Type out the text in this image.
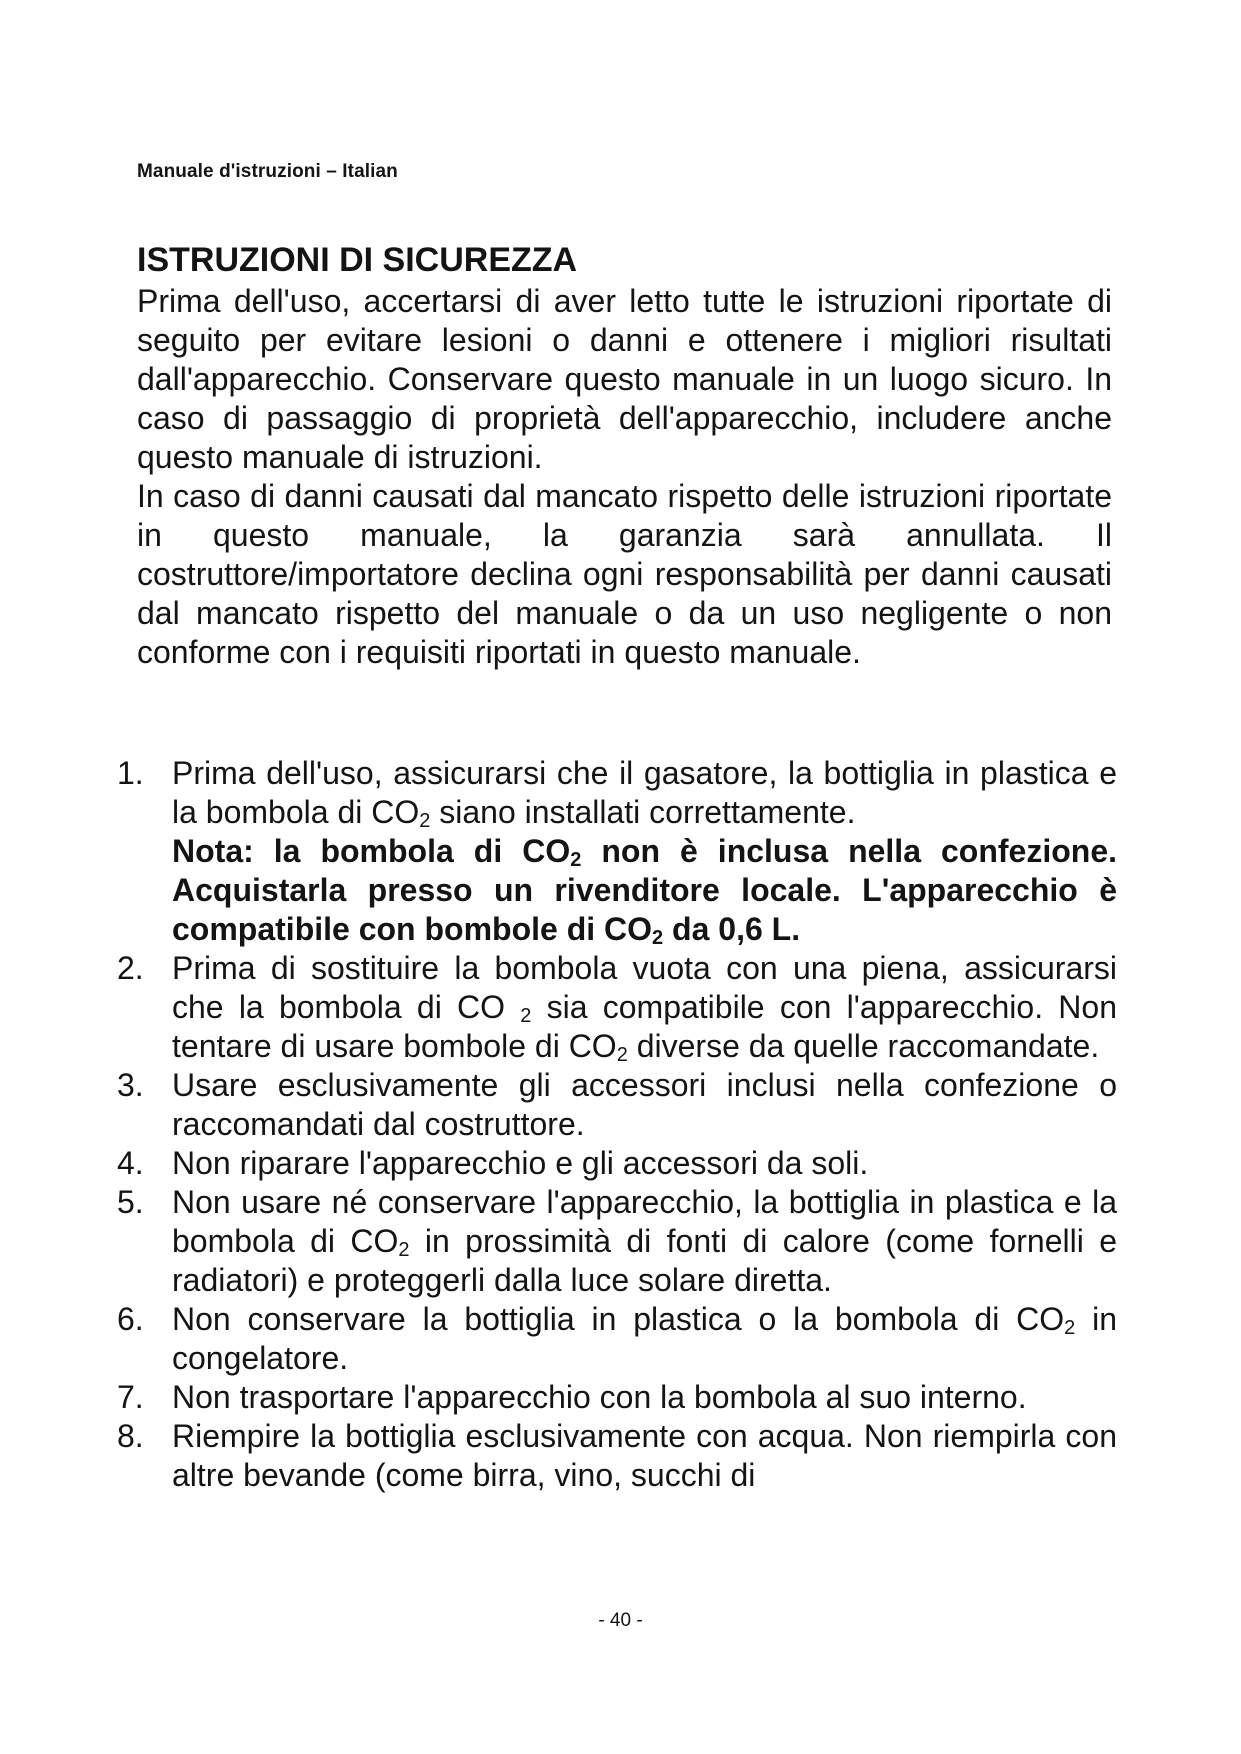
Manuale d'istruzioni – Italian
ISTRUZIONI DI SICUREZZA

Prima dell'uso, accertarsi di aver letto tutte le istruzioni riportate di seguito per evitare lesioni o danni e ottenere i migliori risultati dall'apparecchio. Conservare questo manuale in un luogo sicuro. In caso di passaggio di proprietà dell'apparecchio, includere anche questo manuale di istruzioni.

In caso di danni causati dal mancato rispetto delle istruzioni riportate in questo manuale, la garanzia sarà annullata. Il costruttore/importatore declina ogni responsabilità per danni causati dal mancato rispetto del manuale o da un uso negligente o non conforme con i requisiti riportati in questo manuale.

1. Prima dell'uso, assicurarsi che il gasatore, la bottiglia in plastica e la bombola di $CO_2$ siano installati correttamente.
Nota: la bombola di $CO_2$ non è inclusa nella confezione. Acquistarla presso un rivenditore locale. L'apparecchio è compatibile con bombole di $CO_2$ da 0,6 L.
2. Prima di sostituire la bombola vuota con una piena, assicurarsi che la bombola di CO $_2$ sia compatibile con l'apparecchio. Non tentare di usare bombole di $CO_2$ diverse da quelle raccomandate.
3. Usare esclusivamente gli accessori inclusi nella confezione o raccomandati dal costruttore.
4. Non riparare l'apparecchio e gli accessori da soli.
5. Non usare né conservare l'apparecchio, la bottiglia in plastica e la bombola di $CO_2$ in prossimità di fonti di calore (come fornelli e radiatori) e proteggerli dalla luce solare diretta.
6. Non conservare la bottiglia in plastica o la bombola di $CO_2$ in congelatore.
7. Non trasportare l'apparecchio con la bombola al suo interno.
8. Riempire la bottiglia esclusivamente con acqua. Non riempirla con altre bevande (come birra, vino, succhi di
- 40 -
